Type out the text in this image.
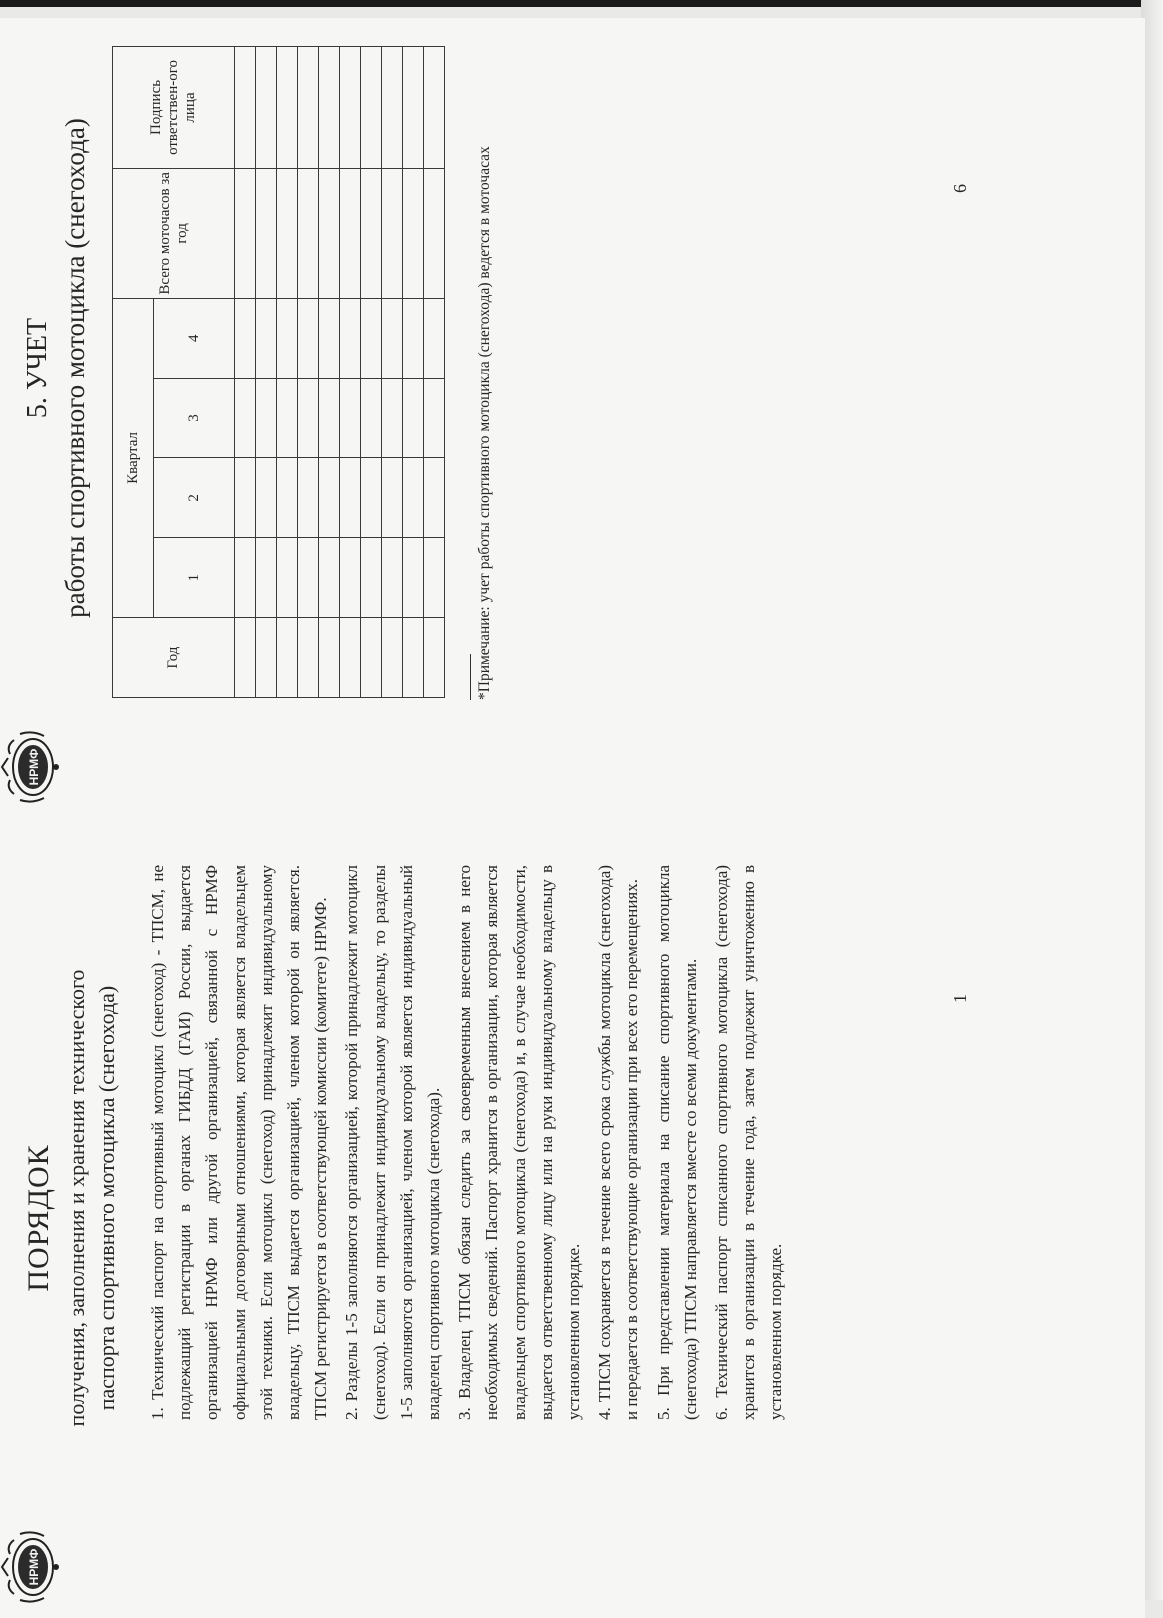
НРМФ
ПОРЯДОК получения, заполнения и хранения технического паспорта спортивного мотоцикла (снегохода) 1. Технический паспорт на спортивный мотоцикл (снегоход) - ТПСМ, не подлежащий регистрации в органах ГИБДД (ГАИ) России, выдается организацией НРМФ или другой организацией, связанной с НРМФ официальными договорными отношениями, которая является владельцем этой техники. Если мотоцикл (снегоход) принадлежит индивидуальному владельцу, ТПСМ выдается организацией, членом которой он является. ТПСМ регистрируется в соответствующей комиссии (комитете) НРМФ. 2. Разделы 1-5 заполняются организацией, которой принадлежит мотоцикл (снегоход). Если он принадлежит индивидуальному владельцу, то разделы 1-5 заполняются организацией, членом которой является индивидуальный владелец спортивного мотоцикла (снегохода). 3. Владелец ТПСМ обязан следить за своевременным внесением в него необходимых сведений. Паспорт хранится в организации, которая является владельцем спортивного мотоцикла (снегохода) и, в случае необходимости, выдается ответственному лицу или на руки индивидуальному владельцу в установленном порядке. 4. ТПСМ сохраняется в течение всего срока службы мотоцикла (снегохода) и передается в соответствующие организации при всех его перемещениях. 5. При представлении материала на списание спортивного мотоцикла (снегохода) ТПСМ направляется вместе со всеми документами. 6. Технический паспорт списанного спортивного мотоцикла (снегохода) хранится в организации в течение года, затем подлежит уничтожению в установленном порядке.

1
НРМФ
5. УЧЕТ работы спортивного мотоцикла (снегохода)
Год	Квартал				Всего моточасов за год	Подпись ответствен-ого лица
	1	2	3	4		

							*Примечание: учет работы спортивного мотоцикла (снегохода) ведется в моточасах	6
